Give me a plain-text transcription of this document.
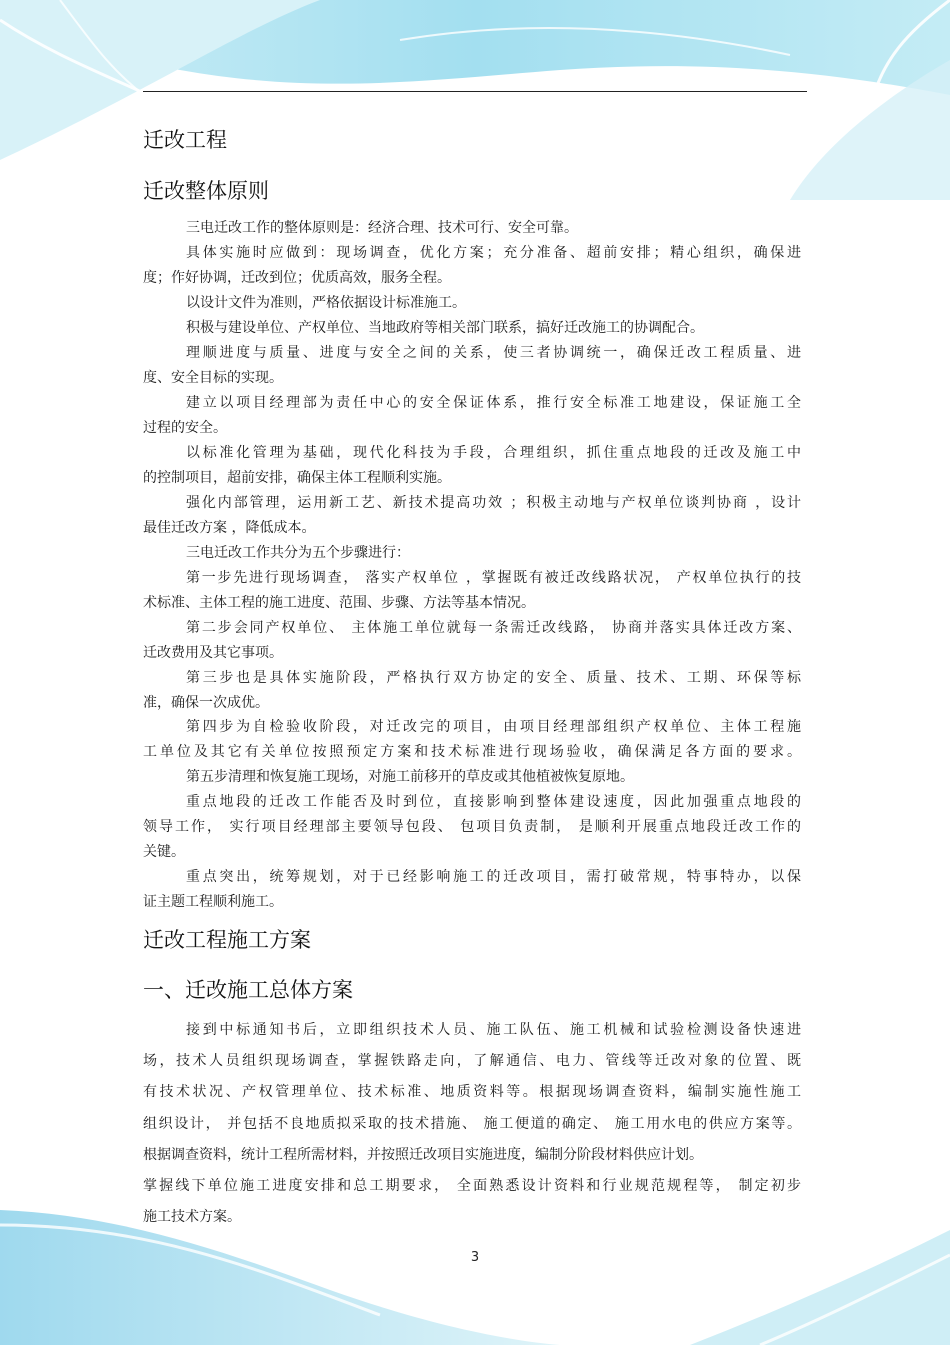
迁改工程
迁改整体原则
三电迁改工作的整体原则是：经济合理、技术可行、安全可靠。
具体实施时应做到：现场调查，优化方案；充分准备、超前安排；精心组织，确保进
度；作好协调，迁改到位；优质高效，服务全程。
以设计文件为准则，严格依据设计标准施工。
积极与建设单位、产权单位、当地政府等相关部门联系，搞好迁改施工的协调配合。
理顺进度与质量、进度与安全之间的关系，使三者协调统一，确保迁改工程质量、进
度、安全目标的实现。
建立以项目经理部为责任中心的安全保证体系，推行安全标准工地建设，保证施工全
过程的安全。
以标准化管理为基础，现代化科技为手段，合理组织，抓住重点地段的迁改及施工中
的控制项目，超前安排，确保主体工程顺利实施。
强化内部管理，运用新工艺、新技术提高功效 ；积极主动地与产权单位谈判协商 ，设计
最佳迁改方案 ，降低成本。
三电迁改工作共分为五个步骤进行：
第一步先进行现场调查， 落实产权单位 ，掌握既有被迁改线路状况， 产权单位执行的技
术标准、主体工程的施工进度、范围、步骤、方法等基本情况。
第二步会同产权单位、 主体施工单位就每一条需迁改线路， 协商并落实具体迁改方案、
迁改费用及其它事项。
第三步也是具体实施阶段，严格执行双方协定的安全、质量、技术、工期、环保等标
准，确保一次成优。
第四步为自检验收阶段，对迁改完的项目，由项目经理部组织产权单位、主体工程施
工单位及其它有关单位按照预定方案和技术标准进行现场验收，确保满足各方面的要求。
第五步清理和恢复施工现场，对施工前移开的草皮或其他植被恢复原地。
重点地段的迁改工作能否及时到位，直接影响到整体建设速度，因此加强重点地段的
领导工作， 实行项目经理部主要领导包段、 包项目负责制， 是顺利开展重点地段迁改工作的
关键。
重点突出，统筹规划，对于已经影响施工的迁改项目，需打破常规，特事特办，以保
证主题工程顺利施工。
迁改工程施工方案
一、迁改施工总体方案
接到中标通知书后，立即组织技术人员、施工队伍、施工机械和试验检测设备快速进
场，技术人员组织现场调查，掌握铁路走向，了解通信、电力、管线等迁改对象的位置、既
有技术状况、产权管理单位、技术标准、地质资料等。根据现场调查资料，编制实施性施工
组织设计， 并包括不良地质拟采取的技术措施、 施工便道的确定、 施工用水电的供应方案等。
根据调查资料，统计工程所需材料，并按照迁改项目实施进度，编制分阶段材料供应计划。
掌握线下单位施工进度安排和总工期要求， 全面熟悉设计资料和行业规范规程等， 制定初步
施工技术方案。
3
